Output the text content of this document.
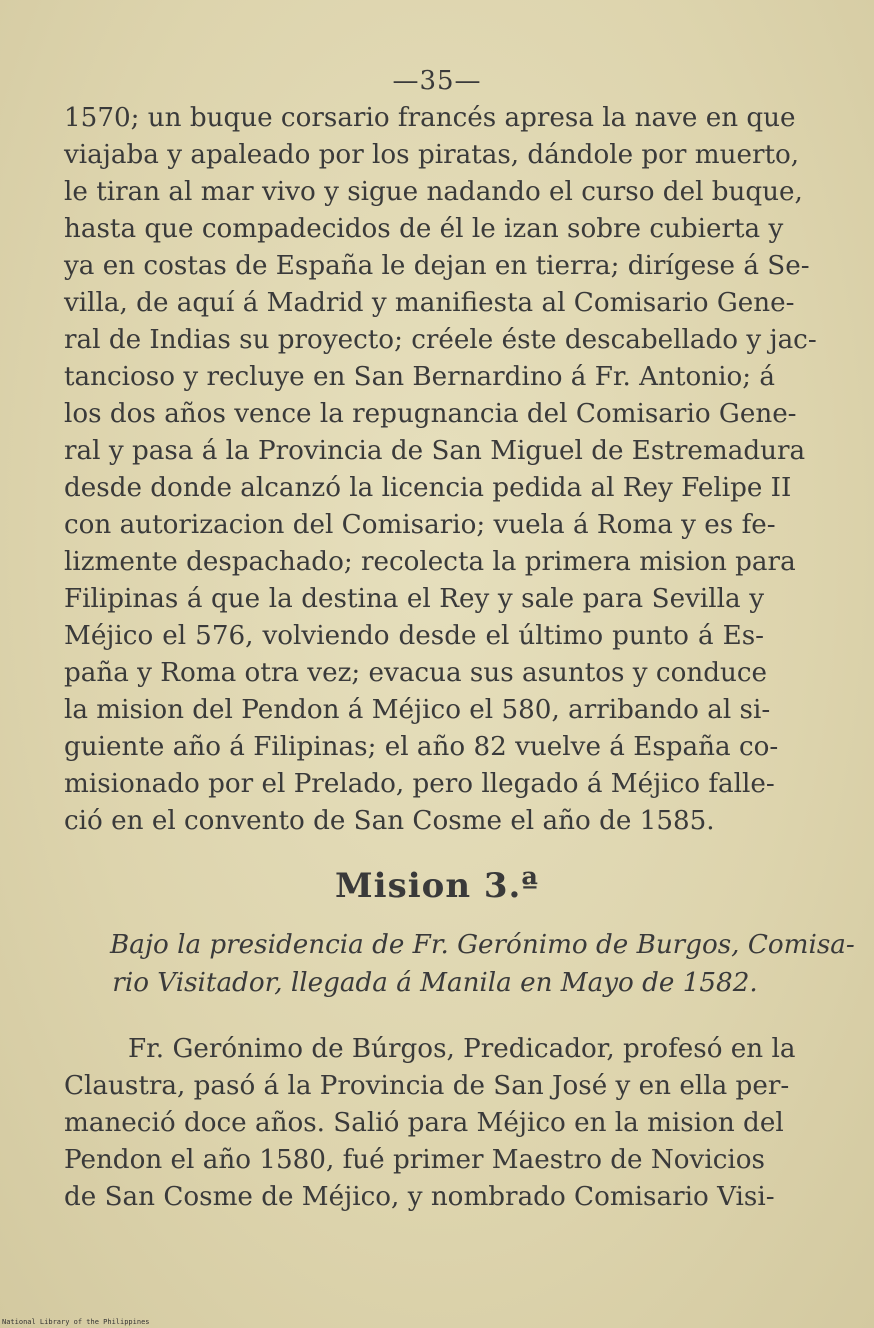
—35—
1570; un buque corsario francés apresa la nave en que
viajaba y apaleado por los piratas, dándole por muerto,
le tiran al mar vivo y sigue nadando el curso del buque,
hasta que compadecidos de él le izan sobre cubierta y
ya en costas de España le dejan en tierra; dirígese á Se-
villa, de aquí á Madrid y manifiesta al Comisario Gene-
ral de Indias su proyecto; créele éste descabellado y jac-
tancioso y recluye en San Bernardino á Fr. Antonio; á
los dos años vence la repugnancia del Comisario Gene-
ral y pasa á la Provincia de San Miguel de Estremadura
desde donde alcanzó la licencia pedida al Rey Felipe II
con autorizacion del Comisario; vuela á Roma y es fe-
lizmente despachado; recolecta la primera mision para
Filipinas á que la destina el Rey y sale para Sevilla y
Méjico el 576, volviendo desde el último punto á Es-
paña y Roma otra vez; evacua sus asuntos y conduce
la mision del Pendon á Méjico el 580, arribando al si-
guiente año á Filipinas; el año 82 vuelve á España co-
misionado por el Prelado, pero llegado á Méjico falle-
ció en el convento de San Cosme el año de 1585.
Mision 3.ª
Bajo la presidencia de Fr. Gerónimo de Burgos, Comisa-
rio Visitador, llegada á Manila en Mayo de 1582.
Fr. Gerónimo de Búrgos, Predicador, profesó en la
Claustra, pasó á la Provincia de San José y en ella per-
maneció doce años. Salió para Méjico en la mision del
Pendon el año 1580, fué primer Maestro de Novicios
de San Cosme de Méjico, y nombrado Comisario Visi-
National Library of the Philippines
